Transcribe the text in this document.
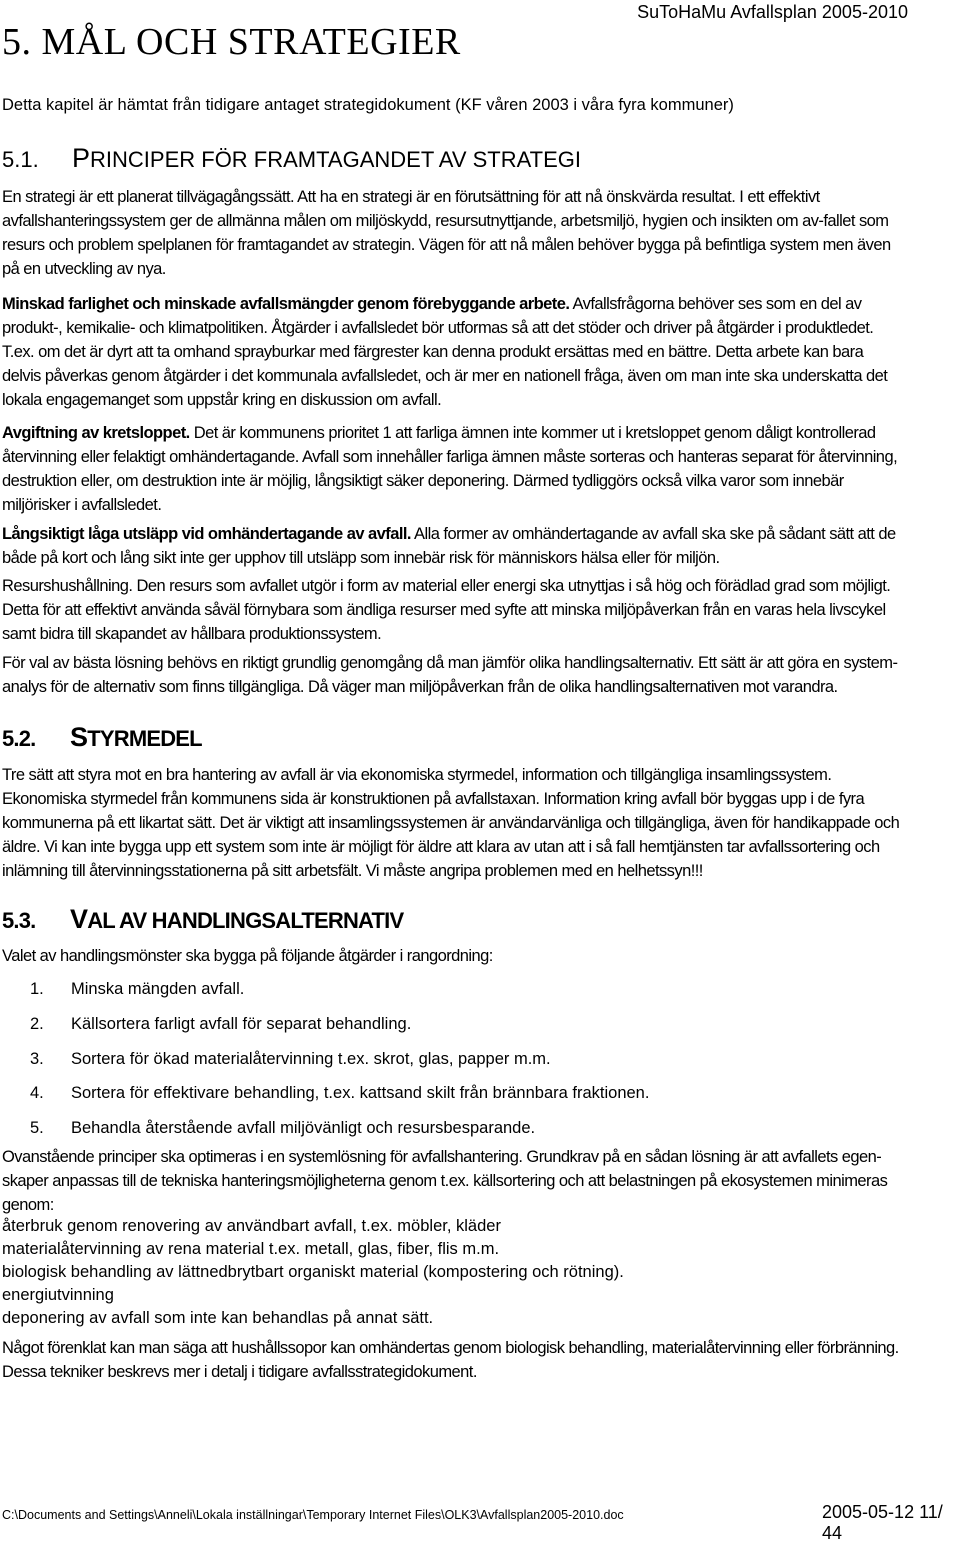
SuToHaMu Avfallsplan 2005-2010
5. MÅL OCH STRATEGIER

Detta kapitel är hämtat från tidigare antaget strategidokument (KF våren 2003 i våra fyra kommuner)

5.1. PRINCIPER FÖR FRAMTAGANDET AV STRATEGI

En strategi är ett planerat tillvägagångssätt. Att ha en strategi är en förutsättning för att nå önskvärda resultat. I ett effektivt avfallshanteringssystem ger de allmänna målen om miljöskydd, resursutnyttjande, arbetsmiljö, hygien och insikten om av-fallet som resurs och problem spelplanen för framtagandet av strategin. Vägen för att nå målen behöver bygga på befintliga system men även på en utveckling av nya.

Minskad farlighet och minskade avfallsmängder genom förebyggande arbete. Avfallsfrågorna behöver ses som en del av produkt-, kemikalie- och klimatpolitiken. Åtgärder i avfallsledet bör utformas så att det stöder och driver på åtgärder i produktledet. T.ex. om det är dyrt att ta omhand sprayburkar med färgrester kan denna produkt ersättas med en bättre. Detta arbete kan bara delvis påverkas genom åtgärder i det kommunala avfallsledet, och är mer en nationell fråga, även om man inte ska underskatta det lokala engagemanget som uppstår kring en diskussion om avfall.

Avgiftning av kretsloppet. Det är kommunens prioritet 1 att farliga ämnen inte kommer ut i kretsloppet genom dåligt kontrollerad återvinning eller felaktigt omhändertagande. Avfall som innehåller farliga ämnen måste sorteras och hanteras separat för återvinning, destruktion eller, om destruktion inte är möjlig, långsiktigt säker deponering. Därmed tydliggörs också vilka varor som innebär miljörisker i avfallsledet.

Långsiktigt låga utsläpp vid omhändertagande av avfall. Alla former av omhändertagande av avfall ska ske på sådant sätt att de både på kort och lång sikt inte ger upphov till utsläpp som innebär risk för människors hälsa eller för miljön.

Resurshushållning. Den resurs som avfallet utgör i form av material eller energi ska utnyttjas i så hög och förädlad grad som möjligt. Detta för att effektivt använda såväl förnybara som ändliga resurser med syfte att minska miljöpåverkan från en varas hela livscykel samt bidra till skapandet av hållbara produktionssystem.

För val av bästa lösning behövs en riktigt grundlig genomgång då man jämför olika handlingsalternativ. Ett sätt är att göra en system-analys för de alternativ som finns tillgängliga. Då väger man miljöpåverkan från de olika handlingsalternativen mot varandra.

5.2. STYRMEDEL

Tre sätt att styra mot en bra hantering av avfall är via ekonomiska styrmedel, information och tillgängliga insamlingssystem. Ekonomiska styrmedel från kommunens sida är konstruktionen på avfallstaxan. Information kring avfall bör byggas upp i de fyra kommunerna på ett likartat sätt. Det är viktigt att insamlingssystemen är användarvänliga och tillgängliga, även för handikappade och äldre. Vi kan inte bygga upp ett system som inte är möjligt för äldre att klara av utan att i så fall hemtjänsten tar avfallssortering och inlämning till återvinningsstationerna på sitt arbetsfält. Vi måste angripa problemen med en helhetssyn!!!

5.3. VAL AV HANDLINGSALTERNATIV

Valet av handlingsmönster ska bygga på följande åtgärder i rangordning:

1. Minska mängden avfall.
2. Källsortera farligt avfall för separat behandling.
3. Sortera för ökad materialåtervinning t.ex. skrot, glas, papper m.m.
4. Sortera för effektivare behandling, t.ex. kattsand skilt från brännbara fraktionen.
5. Behandla återstående avfall miljövänligt och resursbesparande.

Ovanstående principer ska optimeras i en systemlösning för avfallshantering. Grundkrav på en sådan lösning är att avfallets egen-skaper anpassas till de tekniska hanteringsmöjligheterna genom t.ex. källsortering och att belastningen på ekosystemen minimeras genom:

återbruk genom renovering av användbart avfall, t.ex. möbler, kläder
materialåtervinning av rena material t.ex. metall, glas, fiber, flis m.m.
biologisk behandling av lättnedbrytbart organiskt material (kompostering och rötning).
energiutvinning
deponering av avfall som inte kan behandlas på annat sätt.

Något förenklat kan man säga att hushållssopor kan omhändertas genom biologisk behandling, materialåtervinning eller förbränning. Dessa tekniker beskrevs mer i detalj i tidigare avfallsstrategidokument.

C:\Documents and Settings\Anneli\Lokala inställningar\Temporary Internet Files\OLK3\Avfallsplan2005-2010.doc	2005-05-12 11/ 44
